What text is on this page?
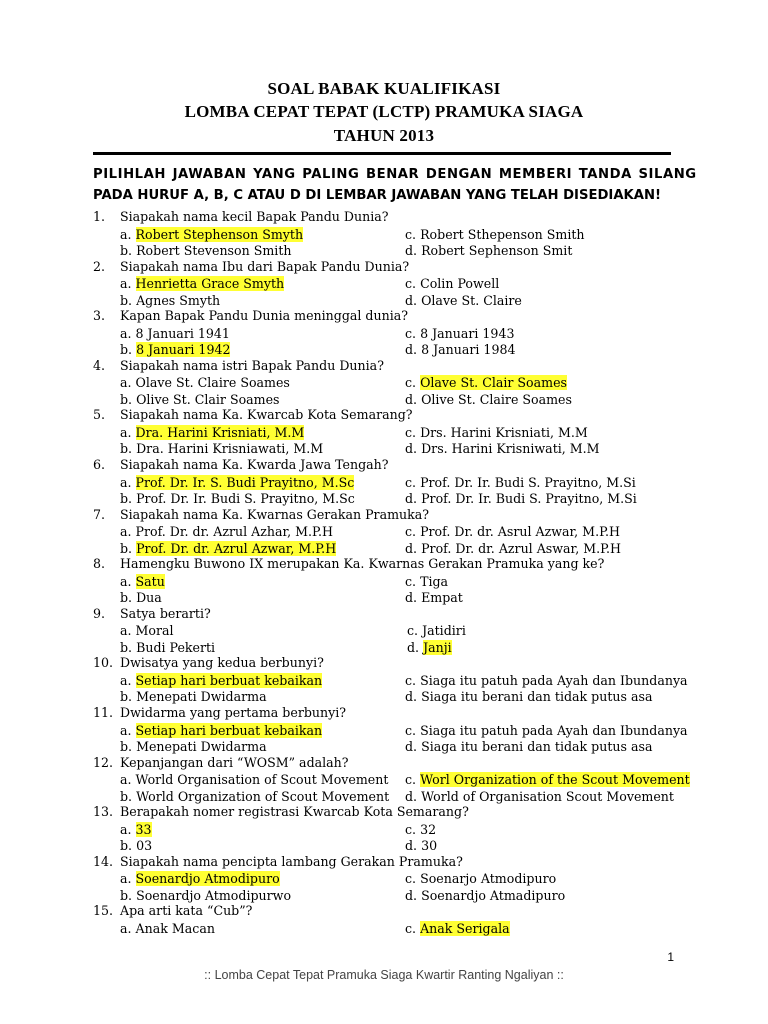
SOAL BABAK KUALIFIKASI
LOMBA CEPAT TEPAT (LCTP) PRAMUKA SIAGA
TAHUN 2013
PILIHLAH JAWABAN YANG PALING BENAR DENGAN MEMBERI TANDA SILANG
PADA HURUF A, B, C ATAU D DI LEMBAR JAWABAN YANG TELAH DISEDIAKAN!
1. Siapakah nama kecil Bapak Pandu Dunia?
a. Robert Stephenson Smyth	c. Robert Sthepenson Smith
b. Robert Stevenson Smith	d. Robert Sephenson Smit
2. Siapakah nama Ibu dari Bapak Pandu Dunia?
a. Henrietta Grace Smyth	c. Colin Powell
b. Agnes Smyth	d. Olave St. Claire
3. Kapan Bapak Pandu Dunia meninggal dunia?
a. 8 Januari 1941	c. 8 Januari 1943
b. 8 Januari 1942	d. 8 Januari 1984
4. Siapakah nama istri Bapak Pandu Dunia?
a. Olave St. Claire Soames	c. Olave St. Clair Soames
b. Olive St. Clair Soames	d. Olive St. Claire Soames
5. Siapakah nama Ka. Kwarcab Kota Semarang?
a. Dra. Harini Krisniati, M.M	c. Drs. Harini Krisniati, M.M
b. Dra. Harini Krisniawati, M.M	d. Drs. Harini Krisniwati, M.M
6. Siapakah nama Ka. Kwarda Jawa Tengah?
a. Prof. Dr. Ir. S. Budi Prayitno, M.Sc	c. Prof. Dr. Ir. Budi S. Prayitno, M.Si
b. Prof. Dr. Ir. Budi S. Prayitno, M.Sc	d. Prof. Dr. Ir. Budi S. Prayitno, M.Si
7. Siapakah nama Ka. Kwarnas Gerakan Pramuka?
a. Prof. Dr. dr. Azrul Azhar, M.P.H	c. Prof. Dr. dr. Asrul Azwar, M.P.H
b. Prof. Dr. dr. Azrul Azwar, M.P.H	d. Prof. Dr. dr. Azrul Aswar, M.P.H
8. Hamengku Buwono IX merupakan Ka. Kwarnas Gerakan Pramuka yang ke?
a. Satu	c. Tiga
b. Dua	d. Empat
9. Satya berarti?
a. Moral	c. Jatidiri
b. Budi Pekerti	d. Janji
10. Dwisatya yang kedua berbunyi?
a. Setiap hari berbuat kebaikan	c. Siaga itu patuh pada Ayah dan Ibundanya
b. Menepati Dwidarma	d. Siaga itu berani dan tidak putus asa
11. Dwidarma yang pertama berbunyi?
a. Setiap hari berbuat kebaikan	c. Siaga itu patuh pada Ayah dan Ibundanya
b. Menepati Dwidarma	d. Siaga itu berani dan tidak putus asa
12. Kepanjangan dari “WOSM” adalah?
a. World Organisation of Scout Movement c. Worl Organization of the Scout Movement
b. World Organization of Scout Movement d. World of Organisation Scout Movement
13. Berapakah nomer registrasi Kwarcab Kota Semarang?
a. 33	c. 32
b. 03	d. 30
14. Siapakah nama pencipta lambang Gerakan Pramuka?
a. Soenardjo Atmodipuro	c. Soenarjo Atmodipuro
b. Soenardjo Atmodipurwo	d. Soenardjo Atmadipuro
15. Apa arti kata “Cub”?
a. Anak Macan	c. Anak Serigala
1
:: Lomba Cepat Tepat Pramuka Siaga Kwartir Ranting Ngaliyan ::
